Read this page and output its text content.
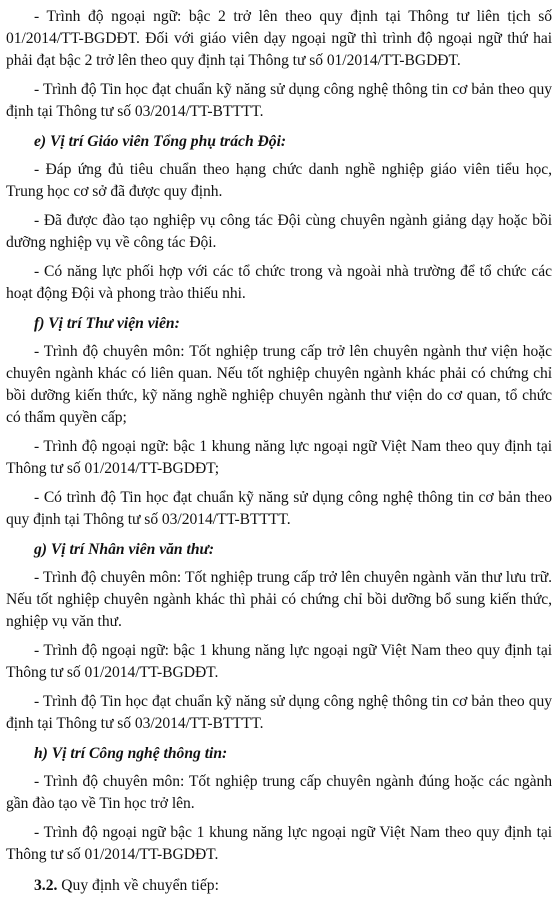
- Trình độ ngoại ngữ: bậc 2 trở lên theo quy định tại Thông tư liên tịch số 01/2014/TT-BGDĐT. Đối với giáo viên dạy ngoại ngữ thì trình độ ngoại ngữ thứ hai phải đạt bậc 2 trở lên theo quy định tại Thông tư số 01/2014/TT-BGDĐT.

- Trình độ Tin học đạt chuẩn kỹ năng sử dụng công nghệ thông tin cơ bản theo quy định tại Thông tư số 03/2014/TT-BTTTT.

e) Vị trí Giáo viên Tổng phụ trách Đội:

- Đáp ứng đủ tiêu chuẩn theo hạng chức danh nghề nghiệp giáo viên tiểu học, Trung học cơ sở đã được quy định.

- Đã được đào tạo nghiệp vụ công tác Đội cùng chuyên ngành giảng dạy hoặc bồi dưỡng nghiệp vụ về công tác Đội.

- Có năng lực phối hợp với các tổ chức trong và ngoài nhà trường để tổ chức các hoạt động Đội và phong trào thiếu nhi.

f) Vị trí Thư viện viên:

- Trình độ chuyên môn: Tốt nghiệp trung cấp trở lên chuyên ngành thư viện hoặc chuyên ngành khác có liên quan. Nếu tốt nghiệp chuyên ngành khác phải có chứng chỉ bồi dưỡng kiến thức, kỹ năng nghề nghiệp chuyên ngành thư viện do cơ quan, tổ chức có thẩm quyền cấp;

- Trình độ ngoại ngữ: bậc 1 khung năng lực ngoại ngữ Việt Nam theo quy định tại Thông tư số 01/2014/TT-BGDĐT;

- Có trình độ Tin học đạt chuẩn kỹ năng sử dụng công nghệ thông tin cơ bản theo quy định tại Thông tư số 03/2014/TT-BTTTT.

g) Vị trí Nhân viên văn thư:

- Trình độ chuyên môn: Tốt nghiệp trung cấp trở lên chuyên ngành văn thư lưu trữ. Nếu tốt nghiệp chuyên ngành khác thì phải có chứng chỉ bồi dưỡng bổ sung kiến thức, nghiệp vụ văn thư.

- Trình độ ngoại ngữ: bậc 1 khung năng lực ngoại ngữ Việt Nam theo quy định tại Thông tư số 01/2014/TT-BGDĐT.

- Trình độ Tin học đạt chuẩn kỹ năng sử dụng công nghệ thông tin cơ bản theo quy định tại Thông tư số 03/2014/TT-BTTTT.

h) Vị trí Công nghệ thông tin:

- Trình độ chuyên môn: Tốt nghiệp trung cấp chuyên ngành đúng hoặc các ngành gần đào tạo về Tin học trở lên.

- Trình độ ngoại ngữ bậc 1 khung năng lực ngoại ngữ Việt Nam theo quy định tại Thông tư số 01/2014/TT-BGDĐT.

3.2. Quy định về chuyển tiếp:
